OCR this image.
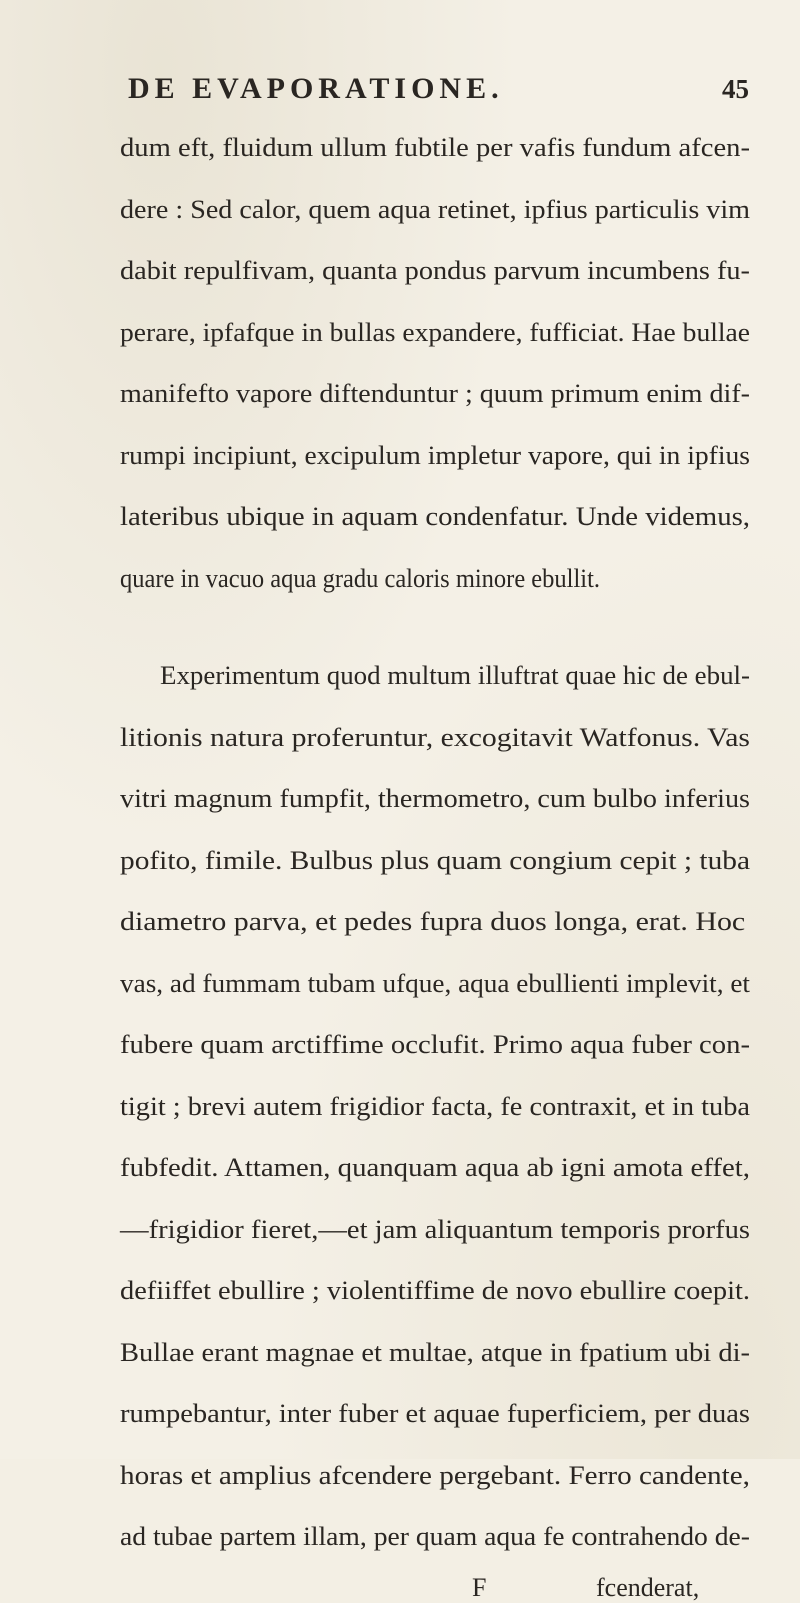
DE EVAPORATIONE.	45
dum eft, fluidum ullum fubtile per vafis fundum afcen-
dere : Sed calor, quem aqua retinet, ipfius particulis vim
dabit repulfivam, quanta pondus parvum incumbens fu-
perare, ipfafque in bullas expandere, fufficiat. Hae bullae
manifefto vapore diftenduntur ; quum primum enim dif-
rumpi incipiunt, excipulum impletur vapore, qui in ipfius
lateribus ubique in aquam condenfatur. Unde videmus,
quare in vacuo aqua gradu caloris minore ebullit.
Experimentum quod multum illuftrat quae hic de ebul-
litionis natura proferuntur, excogitavit Watfonus. Vas
vitri magnum fumpfit, thermometro, cum bulbo inferius
pofito, fimile. Bulbus plus quam congium cepit ; tuba
diametro parva, et pedes fupra duos longa, erat. Hoc
vas, ad fummam tubam ufque, aqua ebullienti implevit, et
fubere quam arctiffime occlufit. Primo aqua fuber con-
tigit ; brevi autem frigidior facta, fe contraxit, et in tuba
fubfedit. Attamen, quanquam aqua ab igni amota effet,
—frigidior fieret,—et jam aliquantum temporis prorfus
defiiffet ebullire ; violentiffime de novo ebullire coepit.
Bullae erant magnae et multae, atque in fpatium ubi di-
rumpebantur, inter fuber et aquae fuperficiem, per duas
horas et amplius afcendere pergebant. Ferro candente,
ad tubae partem illam, per quam aqua fe contrahendo de-
F	fcenderat,
